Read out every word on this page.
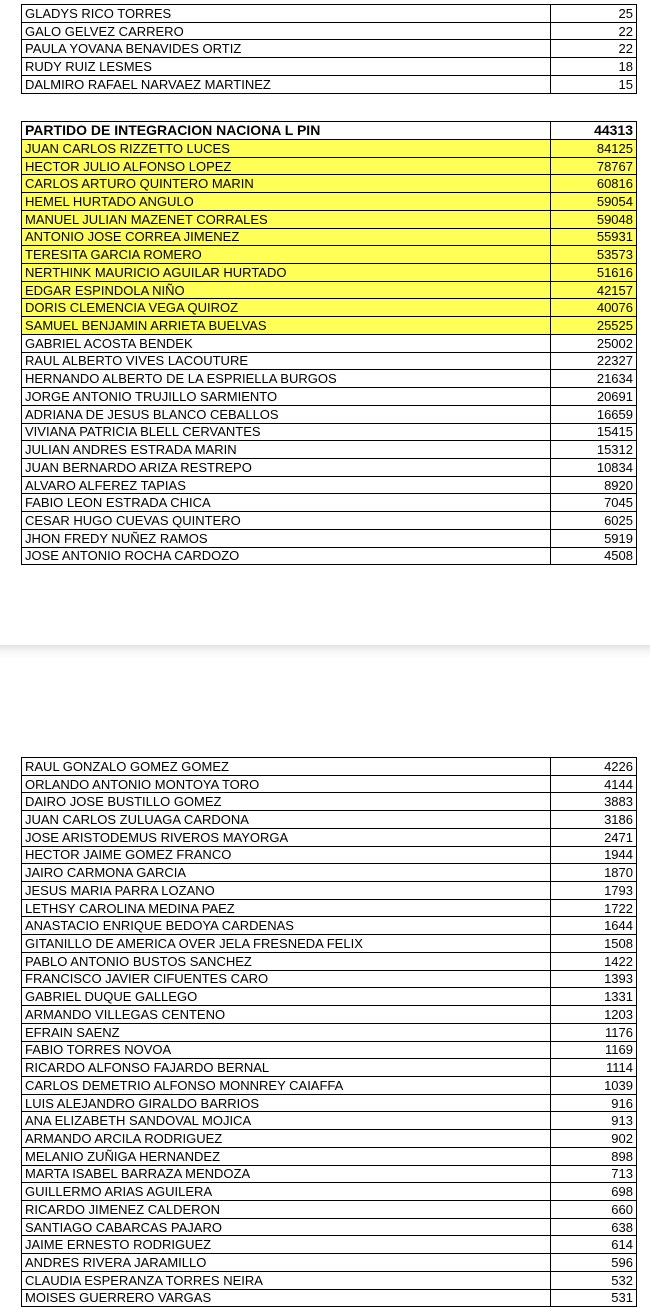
GLADYS RICO TORRES	25
GALO GELVEZ CARRERO	22
PAULA YOVANA BENAVIDES ORTIZ	22
RUDY RUIZ LESMES	18
DALMIRO RAFAEL NARVAEZ MARTINEZ	15
PARTIDO DE INTEGRACION NACIONA L PIN	44313
JUAN CARLOS RIZZETTO LUCES	84125
HECTOR JULIO ALFONSO LOPEZ	78767
CARLOS ARTURO QUINTERO MARIN	60816
HEMEL HURTADO ANGULO	59054
MANUEL JULIAN MAZENET CORRALES	59048
ANTONIO JOSE CORREA JIMENEZ	55931
TERESITA GARCIA ROMERO	53573
NERTHINK MAURICIO AGUILAR HURTADO	51616
EDGAR ESPINDOLA NIÑO	42157
DORIS CLEMENCIA VEGA QUIROZ	40076
SAMUEL BENJAMIN ARRIETA BUELVAS	25525
GABRIEL ACOSTA BENDEK	25002
RAUL ALBERTO VIVES LACOUTURE	22327
HERNANDO ALBERTO DE LA ESPRIELLA BURGOS	21634
JORGE ANTONIO TRUJILLO SARMIENTO	20691
ADRIANA DE JESUS BLANCO CEBALLOS	16659
VIVIANA PATRICIA BLELL CERVANTES	15415
JULIAN ANDRES ESTRADA MARIN	15312
JUAN BERNARDO ARIZA RESTREPO	10834
ALVARO ALFEREZ TAPIAS	8920
FABIO LEON ESTRADA CHICA	7045
CESAR HUGO CUEVAS QUINTERO	6025
JHON FREDY NUÑEZ RAMOS	5919
JOSE ANTONIO ROCHA CARDOZO	4508
RAUL GONZALO GOMEZ GOMEZ	4226
ORLANDO ANTONIO MONTOYA TORO	4144
DAIRO JOSE BUSTILLO GOMEZ	3883
JUAN CARLOS ZULUAGA CARDONA	3186
JOSE ARISTODEMUS RIVEROS MAYORGA	2471
HECTOR JAIME GOMEZ FRANCO	1944
JAIRO CARMONA GARCIA	1870
JESUS MARIA PARRA LOZANO	1793
LETHSY CAROLINA MEDINA PAEZ	1722
ANASTACIO ENRIQUE BEDOYA CARDENAS	1644
GITANILLO DE AMERICA OVER JELA FRESNEDA FELIX	1508
PABLO ANTONIO BUSTOS SANCHEZ	1422
FRANCISCO JAVIER CIFUENTES CARO	1393
GABRIEL DUQUE GALLEGO	1331
ARMANDO VILLEGAS CENTENO	1203
EFRAIN SAENZ	1176
FABIO TORRES NOVOA	1169
RICARDO ALFONSO FAJARDO BERNAL	1114
CARLOS DEMETRIO ALFONSO MONNREY CAIAFFA	1039
LUIS ALEJANDRO GIRALDO BARRIOS	916
ANA ELIZABETH SANDOVAL MOJICA	913
ARMANDO ARCILA RODRIGUEZ	902
MELANIO ZUÑIGA HERNANDEZ	898
MARTA ISABEL BARRAZA MENDOZA	713
GUILLERMO ARIAS AGUILERA	698
RICARDO JIMENEZ CALDERON	660
SANTIAGO CABARCAS PAJARO	638
JAIME ERNESTO RODRIGUEZ	614
ANDRES RIVERA JARAMILLO	596
CLAUDIA ESPERANZA TORRES NEIRA	532
MOISES GUERRERO VARGAS	531
